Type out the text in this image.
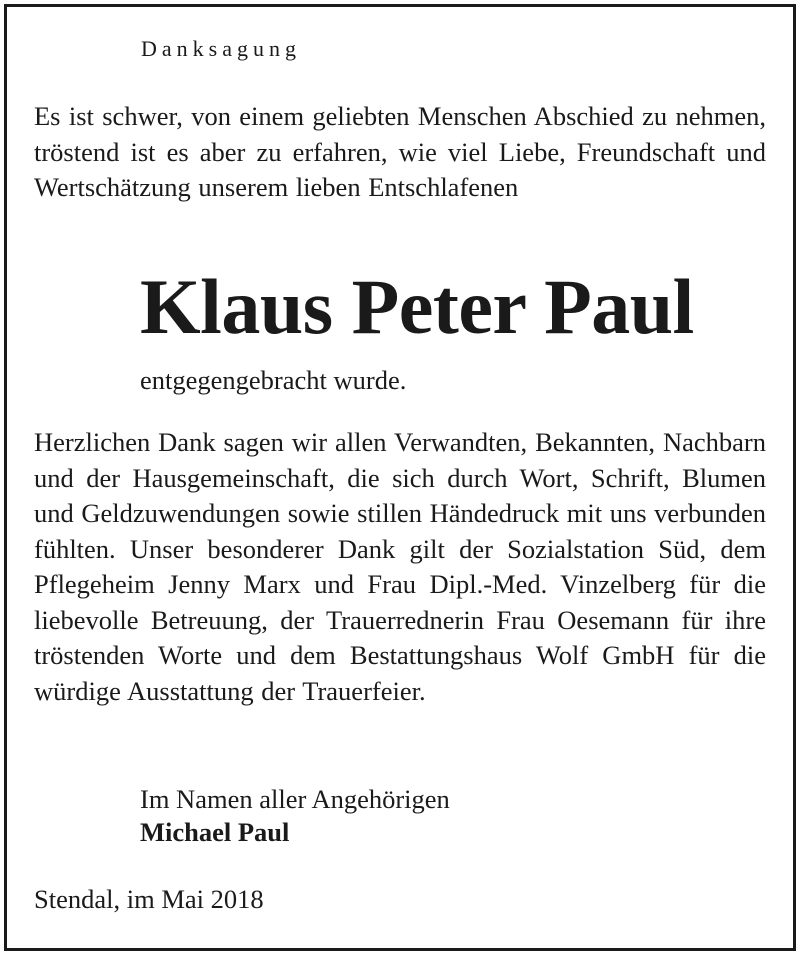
Danksagung
Es ist schwer, von einem geliebten Menschen Abschied zu nehmen, tröstend ist es aber zu erfahren, wie viel Liebe, Freundschaft und Wertschätzung unserem lieben Entschlafenen
Klaus Peter Paul
entgegengebracht wurde.
Herzlichen Dank sagen wir allen Verwandten, Bekannten, Nachbarn und der Hausgemeinschaft, die sich durch Wort, Schrift, Blumen und Geldzuwendungen sowie stillen Händedruck mit uns verbunden fühlten. Unser besonderer Dank gilt der Sozialstation Süd, dem Pflegeheim Jenny Marx und Frau Dipl.-Med. Vinzelberg für die liebevolle Betreuung, der Trauerrednerin Frau Oesemann für ihre tröstenden Worte und dem Bestattungshaus Wolf GmbH für die würdige Ausstattung der Trauerfeier.
Im Namen aller Angehörigen
Michael Paul
Stendal, im Mai 2018
